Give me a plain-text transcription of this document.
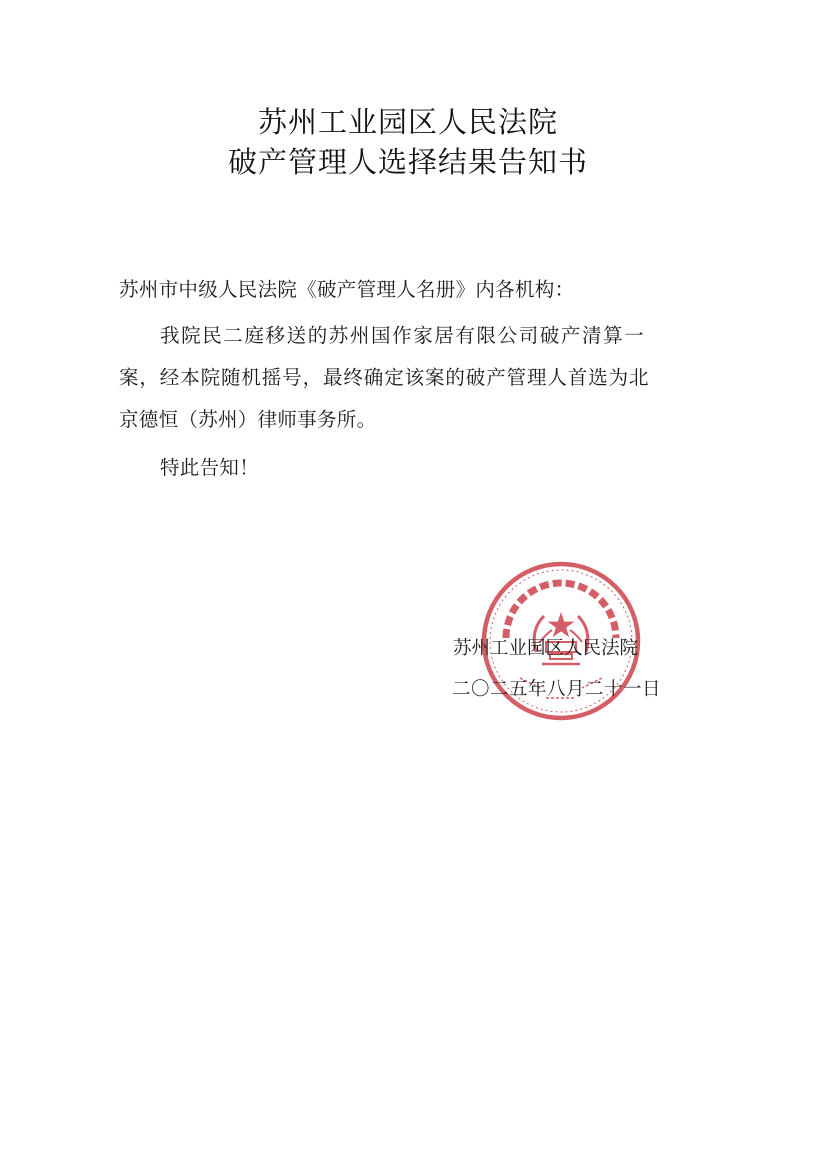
苏州工业园区人民法院
破产管理人选择结果告知书
苏州市中级人民法院《破产管理人名册》内各机构：
我院民二庭移送的苏州国作家居有限公司破产清算一
案，经本院随机摇号，最终确定该案的破产管理人首选为北
京德恒（苏州）律师事务所。
特此告知！
苏州工业园区人民法院
二〇二五年八月二十一日
